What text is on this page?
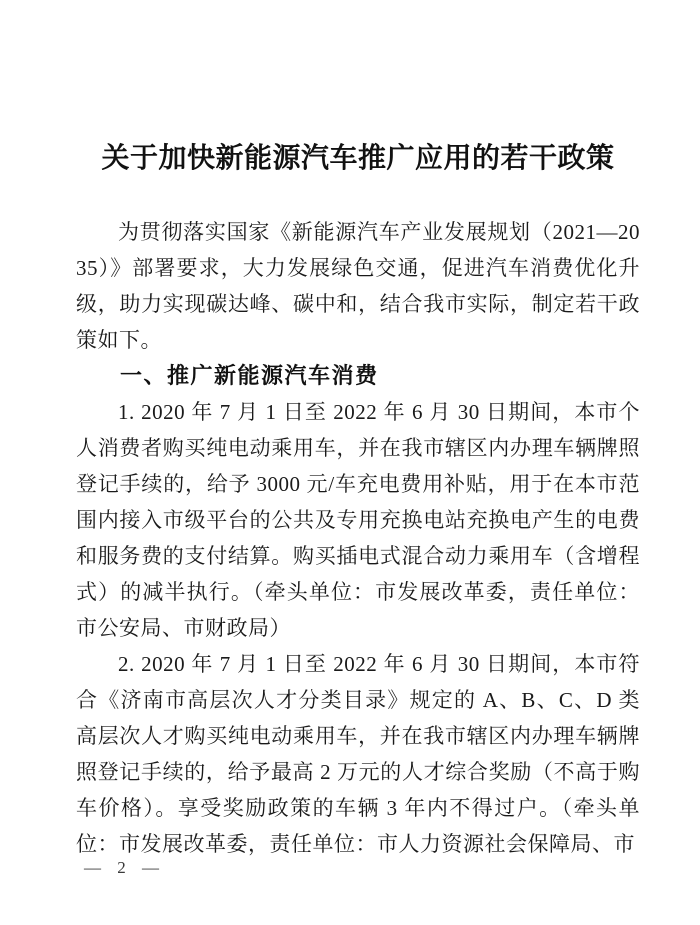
关于加快新能源汽车推广应用的若干政策

为贯彻落实国家《新能源汽车产业发展规划（2021—2035）》部署要求，大力发展绿色交通，促进汽车消费优化升级，助力实现碳达峰、碳中和，结合我市实际，制定若干政策如下。

一、推广新能源汽车消费

1. 2020 年 7 月 1 日至 2022 年 6 月 30 日期间，本市个人消费者购买纯电动乘用车，并在我市辖区内办理车辆牌照登记手续的，给予 3000 元/车充电费用补贴，用于在本市范围内接入市级平台的公共及专用充换电站充换电产生的电费和服务费的支付结算。购买插电式混合动力乘用车（含增程式）的减半执行。（牵头单位：市发展改革委，责任单位：市公安局、市财政局）

2. 2020 年 7 月 1 日至 2022 年 6 月 30 日期间，本市符合《济南市高层次人才分类目录》规定的 A、B、C、D 类高层次人才购买纯电动乘用车，并在我市辖区内办理车辆牌照登记手续的，给予最高 2 万元的人才综合奖励（不高于购车价格）。享受奖励政策的车辆 3 年内不得过户。（牵头单位：市发展改革委，责任单位：市人力资源社会保障局、市

— 2 —
